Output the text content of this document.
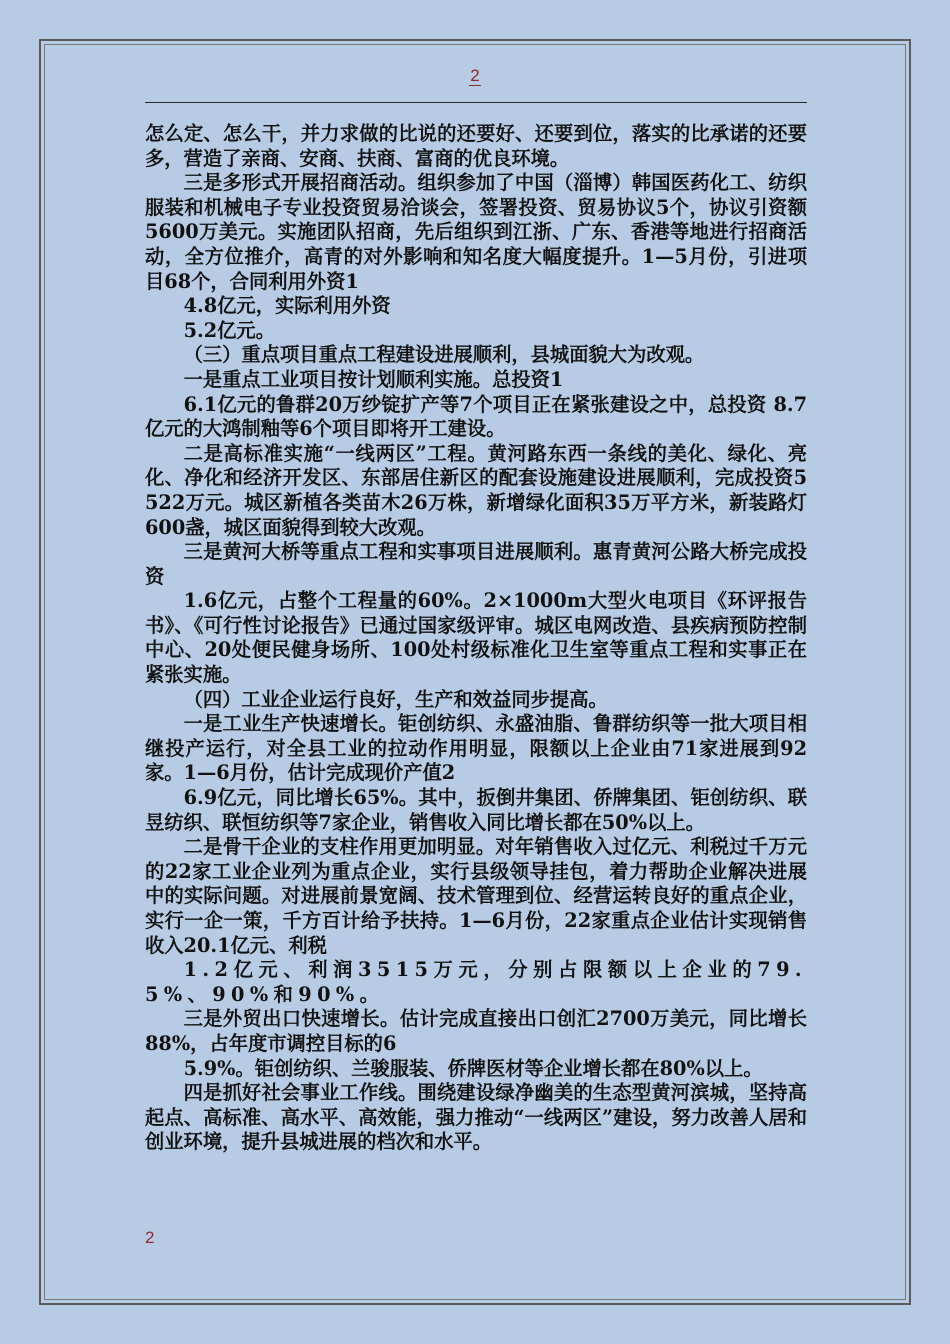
2

怎么定、怎么干，并力求做的比说的还要好、还要到位，落实的比承诺的还要多，营造了亲商、安商、扶商、富商的优良环境。

三是多形式开展招商活动。组织参加了中国（淄博）韩国医药化工、纺织服装和机械电子专业投资贸易洽谈会，签署投资、贸易协议5个，协议引资额5600万美元。实施团队招商，先后组织到江浙、广东、香港等地进行招商活动，全方位推介，高青的对外影响和知名度大幅度提升。1—5月份，引进项目68个，合同利用外资1

4.8亿元，实际利用外资

5.2亿元。

（三）重点项目重点工程建设进展顺利，县城面貌大为改观。

一是重点工业项目按计划顺利实施。总投资1

6.1亿元的鲁群20万纱锭扩产等7个项目正在紧张建设之中，总投资 8.7亿元的大鸿制釉等6个项目即将开工建设。

二是高标准实施“一线两区”工程。黄河路东西一条线的美化、绿化、亮化、净化和经济开发区、东部居住新区的配套设施建设进展顺利，完成投资5522万元。城区新植各类苗木26万株，新增绿化面积35万平方米，新装路灯600盏，城区面貌得到较大改观。

三是黄河大桥等重点工程和实事项目进展顺利。惠青黄河公路大桥完成投资

1.6亿元，占整个工程量的60%。2×1000m大型火电项目《环评报告书》、《可行性讨论报告》已通过国家级评审。城区电网改造、县疾病预防控制中心、20处便民健身场所、100处村级标准化卫生室等重点工程和实事正在紧张实施。

（四）工业企业运行良好，生产和效益同步提高。

一是工业生产快速增长。钜创纺织、永盛油脂、鲁群纺织等一批大项目相继投产运行，对全县工业的拉动作用明显，限额以上企业由71家进展到92家。1—6月份，估计完成现价产值2

6.9亿元，同比增长65%。其中，扳倒井集团、侨牌集团、钜创纺织、联昱纺织、联恒纺织等7家企业，销售收入同比增长都在50%以上。

二是骨干企业的支柱作用更加明显。对年销售收入过亿元、利税过千万元的22家工业企业列为重点企业，实行县级领导挂包，着力帮助企业解决进展中的实际问题。对进展前景宽阔、技术管理到位、经营运转良好的重点企业，实行一企一策，千方百计给予扶持。1—6月份，22家重点企业估计实现销售收入20.1亿元、利税

1.2亿元、利润3515万元，分别占限额以上企业的79.5%、90%和90%。

三是外贸出口快速增长。估计完成直接出口创汇2700万美元，同比增长88%，占年度市调控目标的6

5.9%。钜创纺织、兰骏服装、侨牌医材等企业增长都在80%以上。

四是抓好社会事业工作线。围绕建设绿净幽美的生态型黄河滨城，坚持高起点、高标准、高水平、高效能，强力推动“一线两区”建设，努力改善人居和创业环境，提升县城进展的档次和水平。

2
